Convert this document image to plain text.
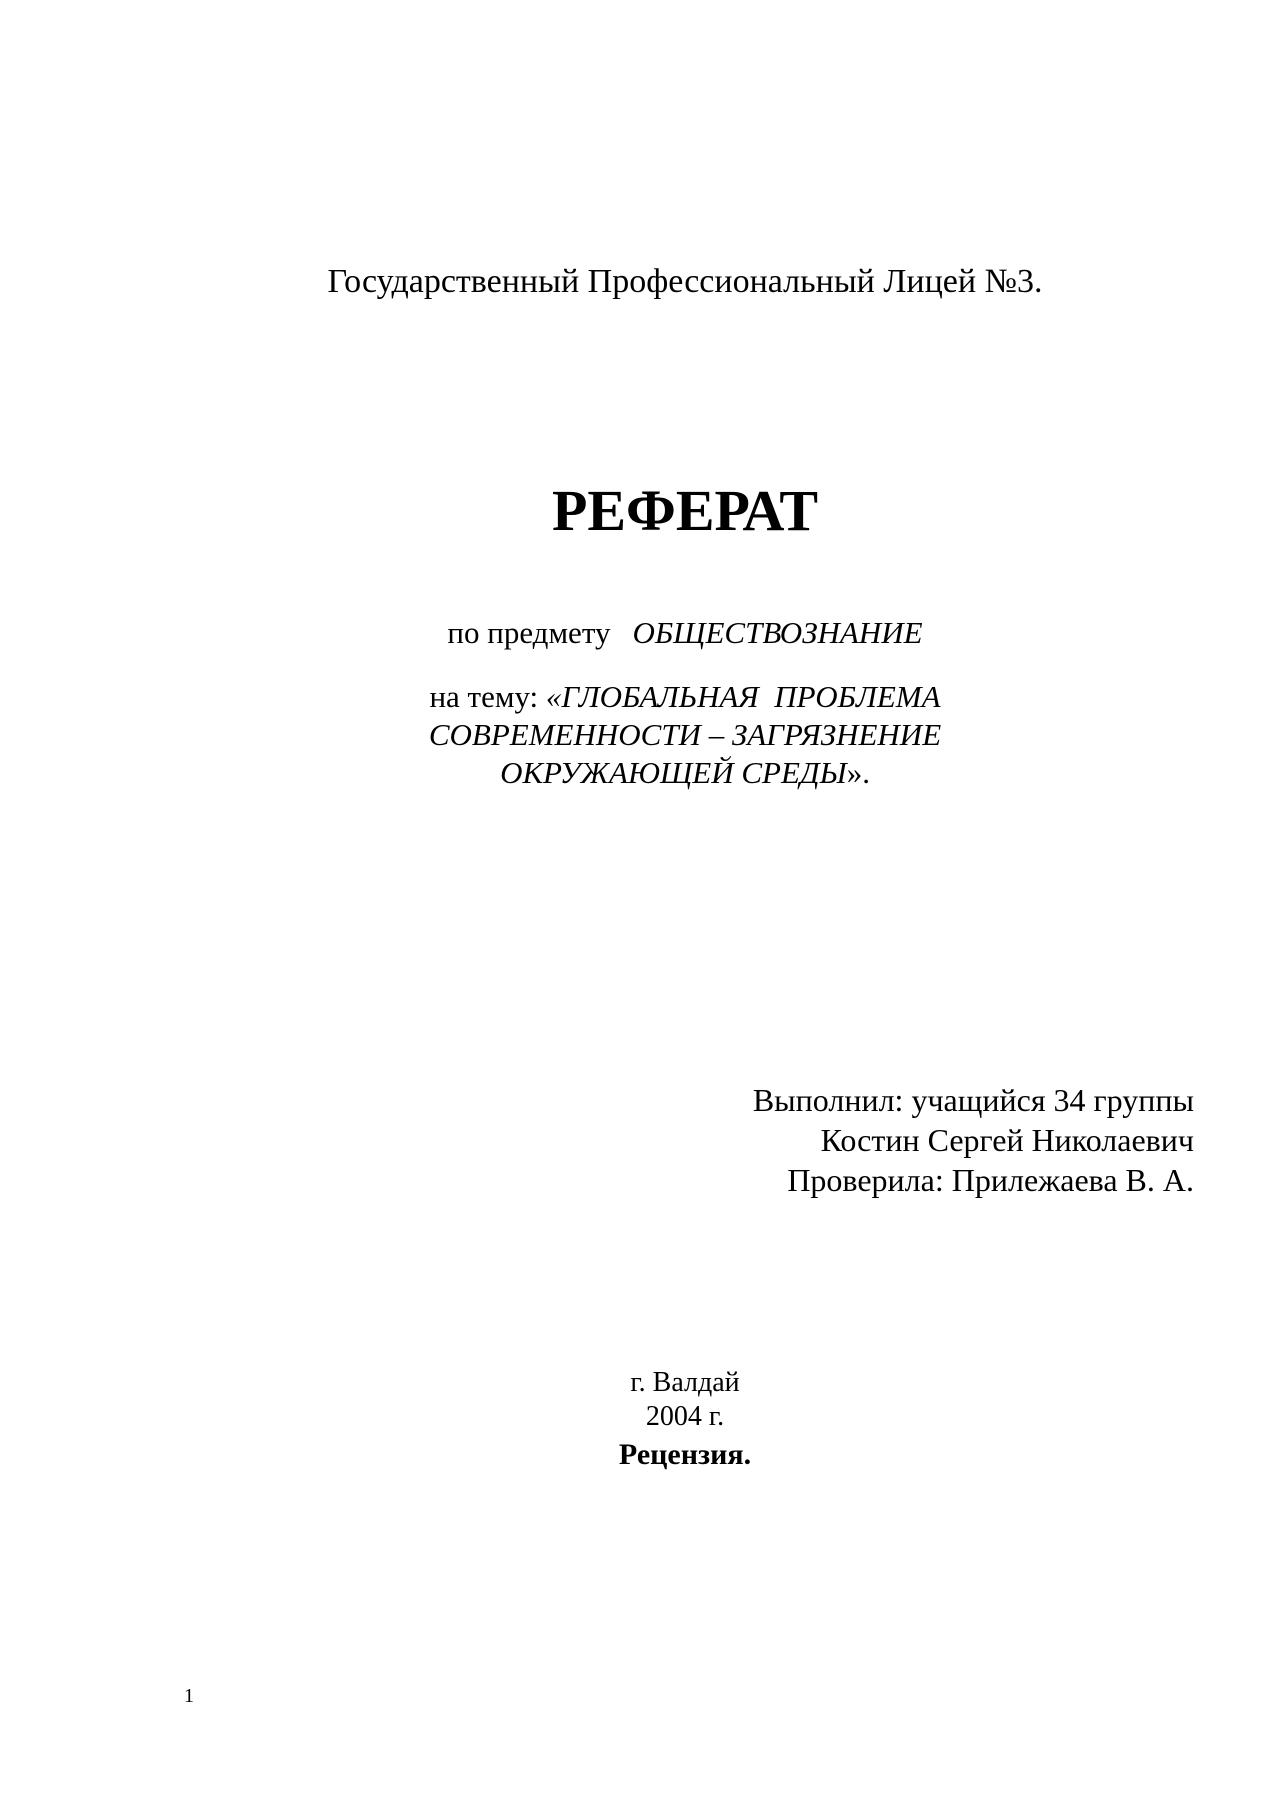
Государственный Профессиональный Лицей №3.
РЕФЕРАТ
по предмету ОБЩЕСТВОЗНАНИЕ
на тему: «ГЛОБАЛЬНАЯ  ПРОБЛЕМА
СОВРЕМЕННОСТИ – ЗАГРЯЗНЕНИЕ
ОКРУЖАЮЩЕЙ СРЕДЫ».
Выполнил: учащийся 34 группы
Костин Сергей Николаевич
Проверила: Прилежаева В. А.
г. Валдай
2004 г.
Рецензия.
1
